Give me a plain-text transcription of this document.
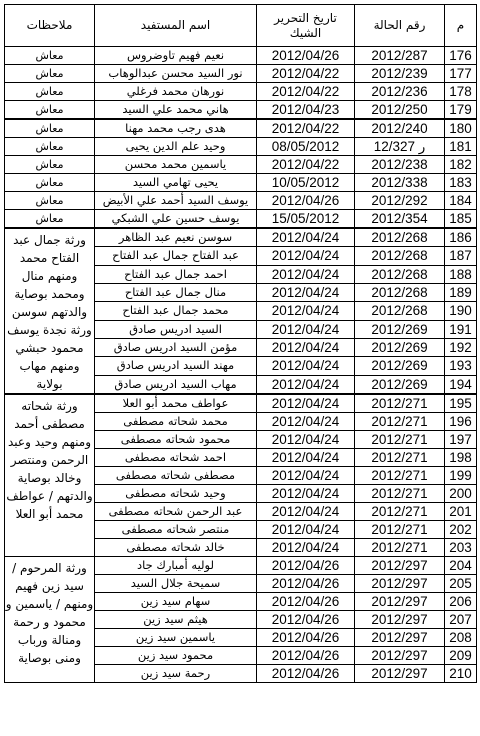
م	رقم الحالة	تاريخ التحرير الشيك	اسم المستفيد	ملاحظات
176	2012/287	2012/04/26	نعيم فهيم تاوضروس	معاش
177	2012/239	2012/04/22	نور السيد محسن عبدالوهاب	معاش
178	2012/236	2012/04/22	نورهان محمد فرغلي	معاش
179	2012/250	2012/04/23	هاني محمد علي السيد	معاش
180	2012/240	2012/04/22	هدى رجب محمد مهنا	معاش
181	ر 12/327	08/05/2012	وحيد علم الدين يحيى	معاش
182	2012/238	2012/04/22	ياسمين محمد محسن	معاش
183	2012/338	10/05/2012	يحيى تهامي السيد	معاش
184	2012/292	2012/04/26	يوسف السيد أحمد علي الأبيض	معاش
185	2012/354	15/05/2012	يوسف حسين علي الشبكي	معاش
186	2012/268	2012/04/24	سوسن نعيم عبد الظاهر	ورثة جمال عبد الفتاح محمد ومنهم منال ومحمد بوصاية والدتهم سوسن
ورثة نجدة يوسف محمود حبشي ومنهم مهاب بولاية

187	2012/268	2012/04/24	عبد الفتاح جمال عبد الفتاح	
188	2012/268	2012/04/24	احمد جمال عبد الفتاح	
189	2012/268	2012/04/24	منال جمال عبد الفتاح	
190	2012/268	2012/04/24	محمد جمال عبد الفتاح	
191	2012/269	2012/04/24	السيد ادريس صادق	
192	2012/269	2012/04/24	مؤمن السيد ادريس صادق	
193	2012/269	2012/04/24	مهند السيد ادريس صادق	
194	2012/269	2012/04/24	مهاب السيد ادريس صادق	
195	2012/271	2012/04/24	عواطف محمد أبو العلا	ورثة شحاته مصطفى أحمد ومنهم وحيد وعبد الرحمن ومنتصر وخالد بوصاية والدتهم / عواطف محمد أبو العلا
196	2012/271	2012/04/24	محمد شحاته مصطفى	
197	2012/271	2012/04/24	محمود شحاته مصطفى	
198	2012/271	2012/04/24	احمد شحاته مصطفى	
199	2012/271	2012/04/24	مصطفى شحاته مصطفى	
200	2012/271	2012/04/24	وحيد شحاته مصطفى	
201	2012/271	2012/04/24	عبد الرحمن شحاته مصطفى	
202	2012/271	2012/04/24	منتصر شحاته مصطفى	
203	2012/271	2012/04/24	خالد شحاته مصطفى	
204	2012/297	2012/04/26	لوليه أمبارك جاد	ورثة المرحوم / سيد زين فهيم ومنهم / ياسمين و محمود و رحمة ومنالة ورباب ومنى بوصاية
205	2012/297	2012/04/26	سميحة جلال السيد	
206	2012/297	2012/04/26	سهام سيد زين	
207	2012/297	2012/04/26	هيثم سيد زين	
208	2012/297	2012/04/26	ياسمين سيد زين	
209	2012/297	2012/04/26	محمود سيد زين	
210	2012/297	2012/04/26	رحمة سيد زين	
